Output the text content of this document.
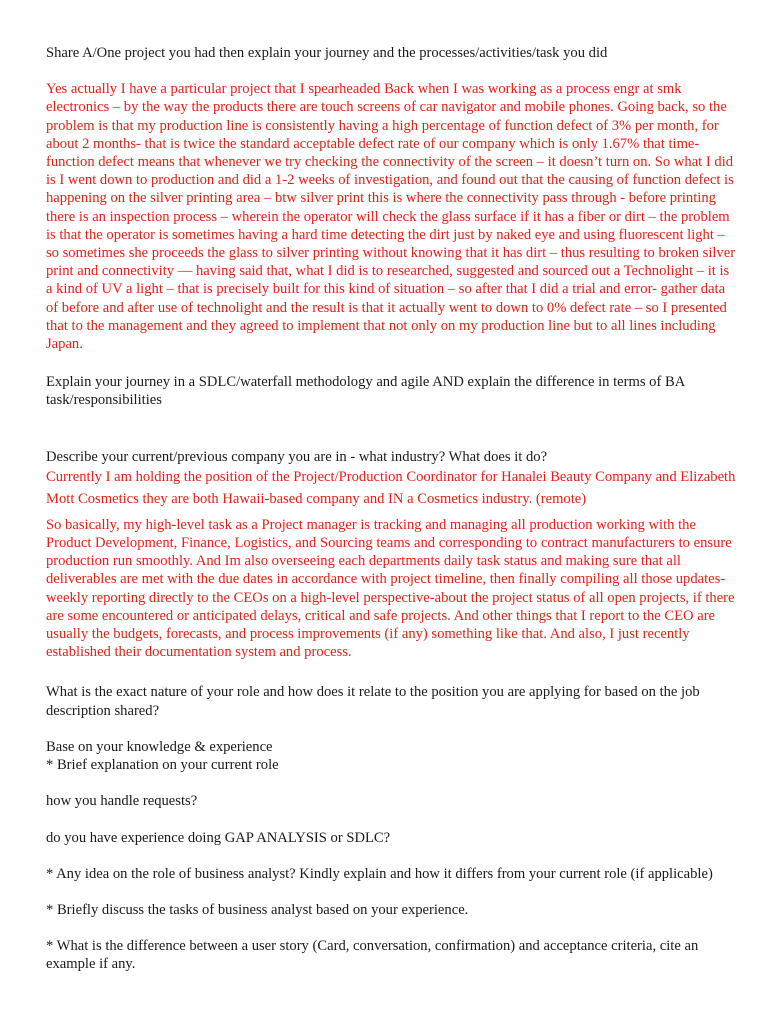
Share A/One project you had then explain your journey and the processes/activities/task you did

Yes actually I have a particular project that I spearheaded Back when I was working as a process engr at smk electronics – by the way the products there are touch screens of car navigator and mobile phones. Going back, so the problem is that my production line is consistently having a high percentage of function defect of 3% per month, for about 2 months- that is twice the standard acceptable defect rate of our company which is only 1.67% that time- function defect means that whenever we try checking the connectivity of the screen – it doesn’t turn on. So what I did is I went down to production and did a 1-2 weeks of investigation, and found out that the causing of function defect is happening on the silver printing area – btw silver print this is where the connectivity pass through - before printing there is an inspection process – wherein the operator will check the glass surface if it has a fiber or dirt – the problem is that the operator is sometimes having a hard time detecting the dirt just by naked eye and using fluorescent light – so sometimes she proceeds the glass to silver printing without knowing that it has dirt – thus resulting to broken silver print and connectivity — having said that, what I did is to researched, suggested and sourced out a Technolight – it is a kind of UV a light – that is precisely built for this kind of situation – so after that I did a trial and error- gather data of before and after use of technolight and the result is that it actually went to down to 0% defect rate – so I presented that to the management and they agreed to implement that not only on my production line but to all lines including Japan.

Explain your journey in a SDLC/waterfall methodology and agile AND explain the difference in terms of BA task/responsibilities

Describe your current/previous company you are in - what industry? What does it do?

Currently I am holding the position of the Project/Production Coordinator for Hanalei Beauty Company and Elizabeth Mott Cosmetics they are both Hawaii-based company and IN a Cosmetics industry. (remote)

So basically, my high-level task as a Project manager is tracking and managing all production working with the Product Development, Finance, Logistics, and Sourcing teams and corresponding to contract manufacturers to ensure production run smoothly. And Im also overseeing each departments daily task status and making sure that all deliverables are met with the due dates in accordance with project timeline, then finally compiling all those updates- weekly reporting directly to the CEOs on a high-level perspective-about the project status of all open projects, if there are some encountered or anticipated delays, critical and safe projects. And other things that I report to the CEO are usually the budgets, forecasts, and process improvements (if any) something like that. And also, I just recently established their documentation system and process.

What is the exact nature of your role and how does it relate to the position you are applying for based on the job description shared?

Base on your knowledge & experience

* Brief explanation on your current role

how you handle requests?

do you have experience doing GAP ANALYSIS or SDLC?

* Any idea on the role of business analyst? Kindly explain and how it differs from your current role (if applicable)

* Briefly discuss the tasks of business analyst based on your experience.

* What is the difference between a user story (Card, conversation, confirmation) and acceptance criteria, cite an example if any.
